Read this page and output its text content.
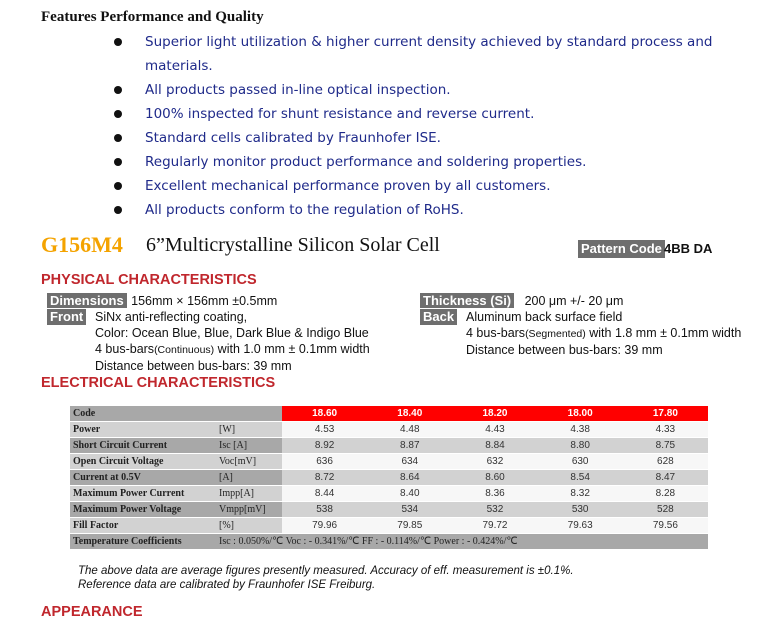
Features Performance and Quality
Superior light utilization & higher current density achieved by standard process and
materials.
All products passed in-line optical inspection.
100% inspected for shunt resistance and reverse current.
Standard cells calibrated by Fraunhofer ISE.
Regularly monitor product performance and soldering properties.
Excellent mechanical performance proven by all customers.
All products conform to the regulation of RoHS.
G156M4 6”Multicrystalline Silicon Solar Cell	Pattern Code 4BB DA
PHYSICAL CHARACTERISTICS
Dimensions 156mm × 156mm ±0.5mm	Thickness (Si) 200 μm +/- 20 μm
Front SiNx anti-reflecting coating,
Color: Ocean Blue, Blue, Dark Blue & Indigo Blue
4 bus-bars(Continuous) with 1.0 mm ± 0.1mm width
Distance between bus-bars: 39 mm
Back Aluminum back surface field
4 bus-bars(Segmented) with 1.8 mm ± 0.1mm width
Distance between bus-bars: 39 mm
ELECTRICAL CHARACTERISTICS
Code		18.60	18.40	18.20	18.00	17.80
Power	[W]	4.53	4.48	4.43	4.38	4.33
Short Circuit Current	Isc [A]	8.92	8.87	8.84	8.80	8.75
Open Circuit Voltage	Voc[mV]	636	634	632	630	628
Current at 0.5V	[A]	8.72	8.64	8.60	8.54	8.47
Maximum Power Current	Impp[A]	8.44	8.40	8.36	8.32	8.28
Maximum Power Voltage	Vmpp[mV]	538	534	532	530	528
Fill Factor	[%]	79.96	79.85	79.72	79.63	79.56
Temperature Coefficients	Isc : 0.050%/℃ Voc : - 0.341%/℃ FF : - 0.114%/℃ Power : - 0.424%/℃					
The above data are average figures presently measured. Accuracy of eff. measurement is ±0.1%.
Reference data are calibrated by Fraunhofer ISE Freiburg.
APPEARANCE
